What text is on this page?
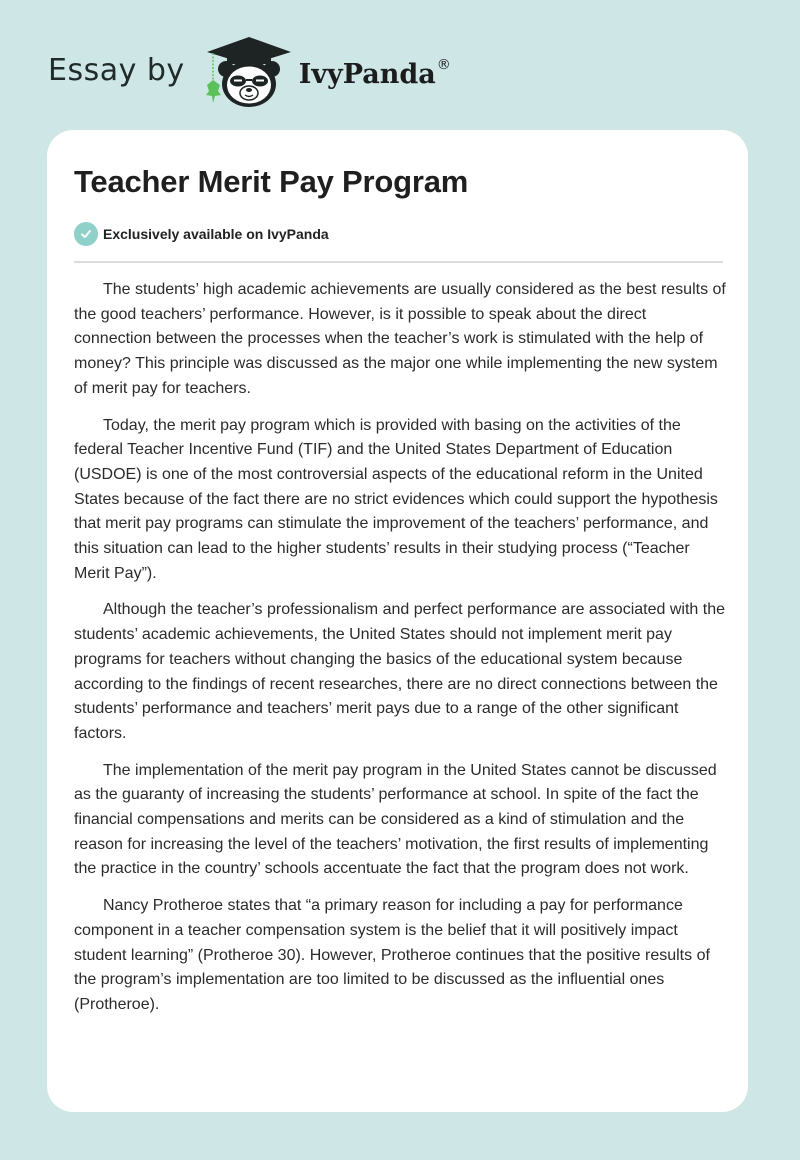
Essay by	IvyPanda®
Teacher Merit Pay Program
Exclusively available on IvyPanda

The students’ high academic achievements are usually considered as the best results of the good teachers’ performance. However, is it possible to speak about the direct connection between the processes when the teacher’s work is stimulated with the help of money? This principle was discussed as the major one while implementing the new system of merit pay for teachers.

Today, the merit pay program which is provided with basing on the activities of the federal Teacher Incentive Fund (TIF) and the United States Department of Education (USDOE) is one of the most controversial aspects of the educational reform in the United States because of the fact there are no strict evidences which could support the hypothesis that merit pay programs can stimulate the improvement of the teachers’ performance, and this situation can lead to the higher students’ results in their studying process (“Teacher Merit Pay”).

Although the teacher’s professionalism and perfect performance are associated with the students’ academic achievements, the United States should not implement merit pay programs for teachers without changing the basics of the educational system because according to the findings of recent researches, there are no direct connections between the students’ performance and teachers’ merit pays due to a range of the other significant factors.

The implementation of the merit pay program in the United States cannot be discussed as the guaranty of increasing the students’ performance at school. In spite of the fact the financial compensations and merits can be considered as a kind of stimulation and the reason for increasing the level of the teachers’ motivation, the first results of implementing the practice in the country’ schools accentuate the fact that the program does not work.

Nancy Protheroe states that “a primary reason for including a pay for performance component in a teacher compensation system is the belief that it will positively impact student learning” (Protheroe 30). However, Protheroe continues that the positive results of the program’s implementation are too limited to be discussed as the influential ones (Protheroe).
